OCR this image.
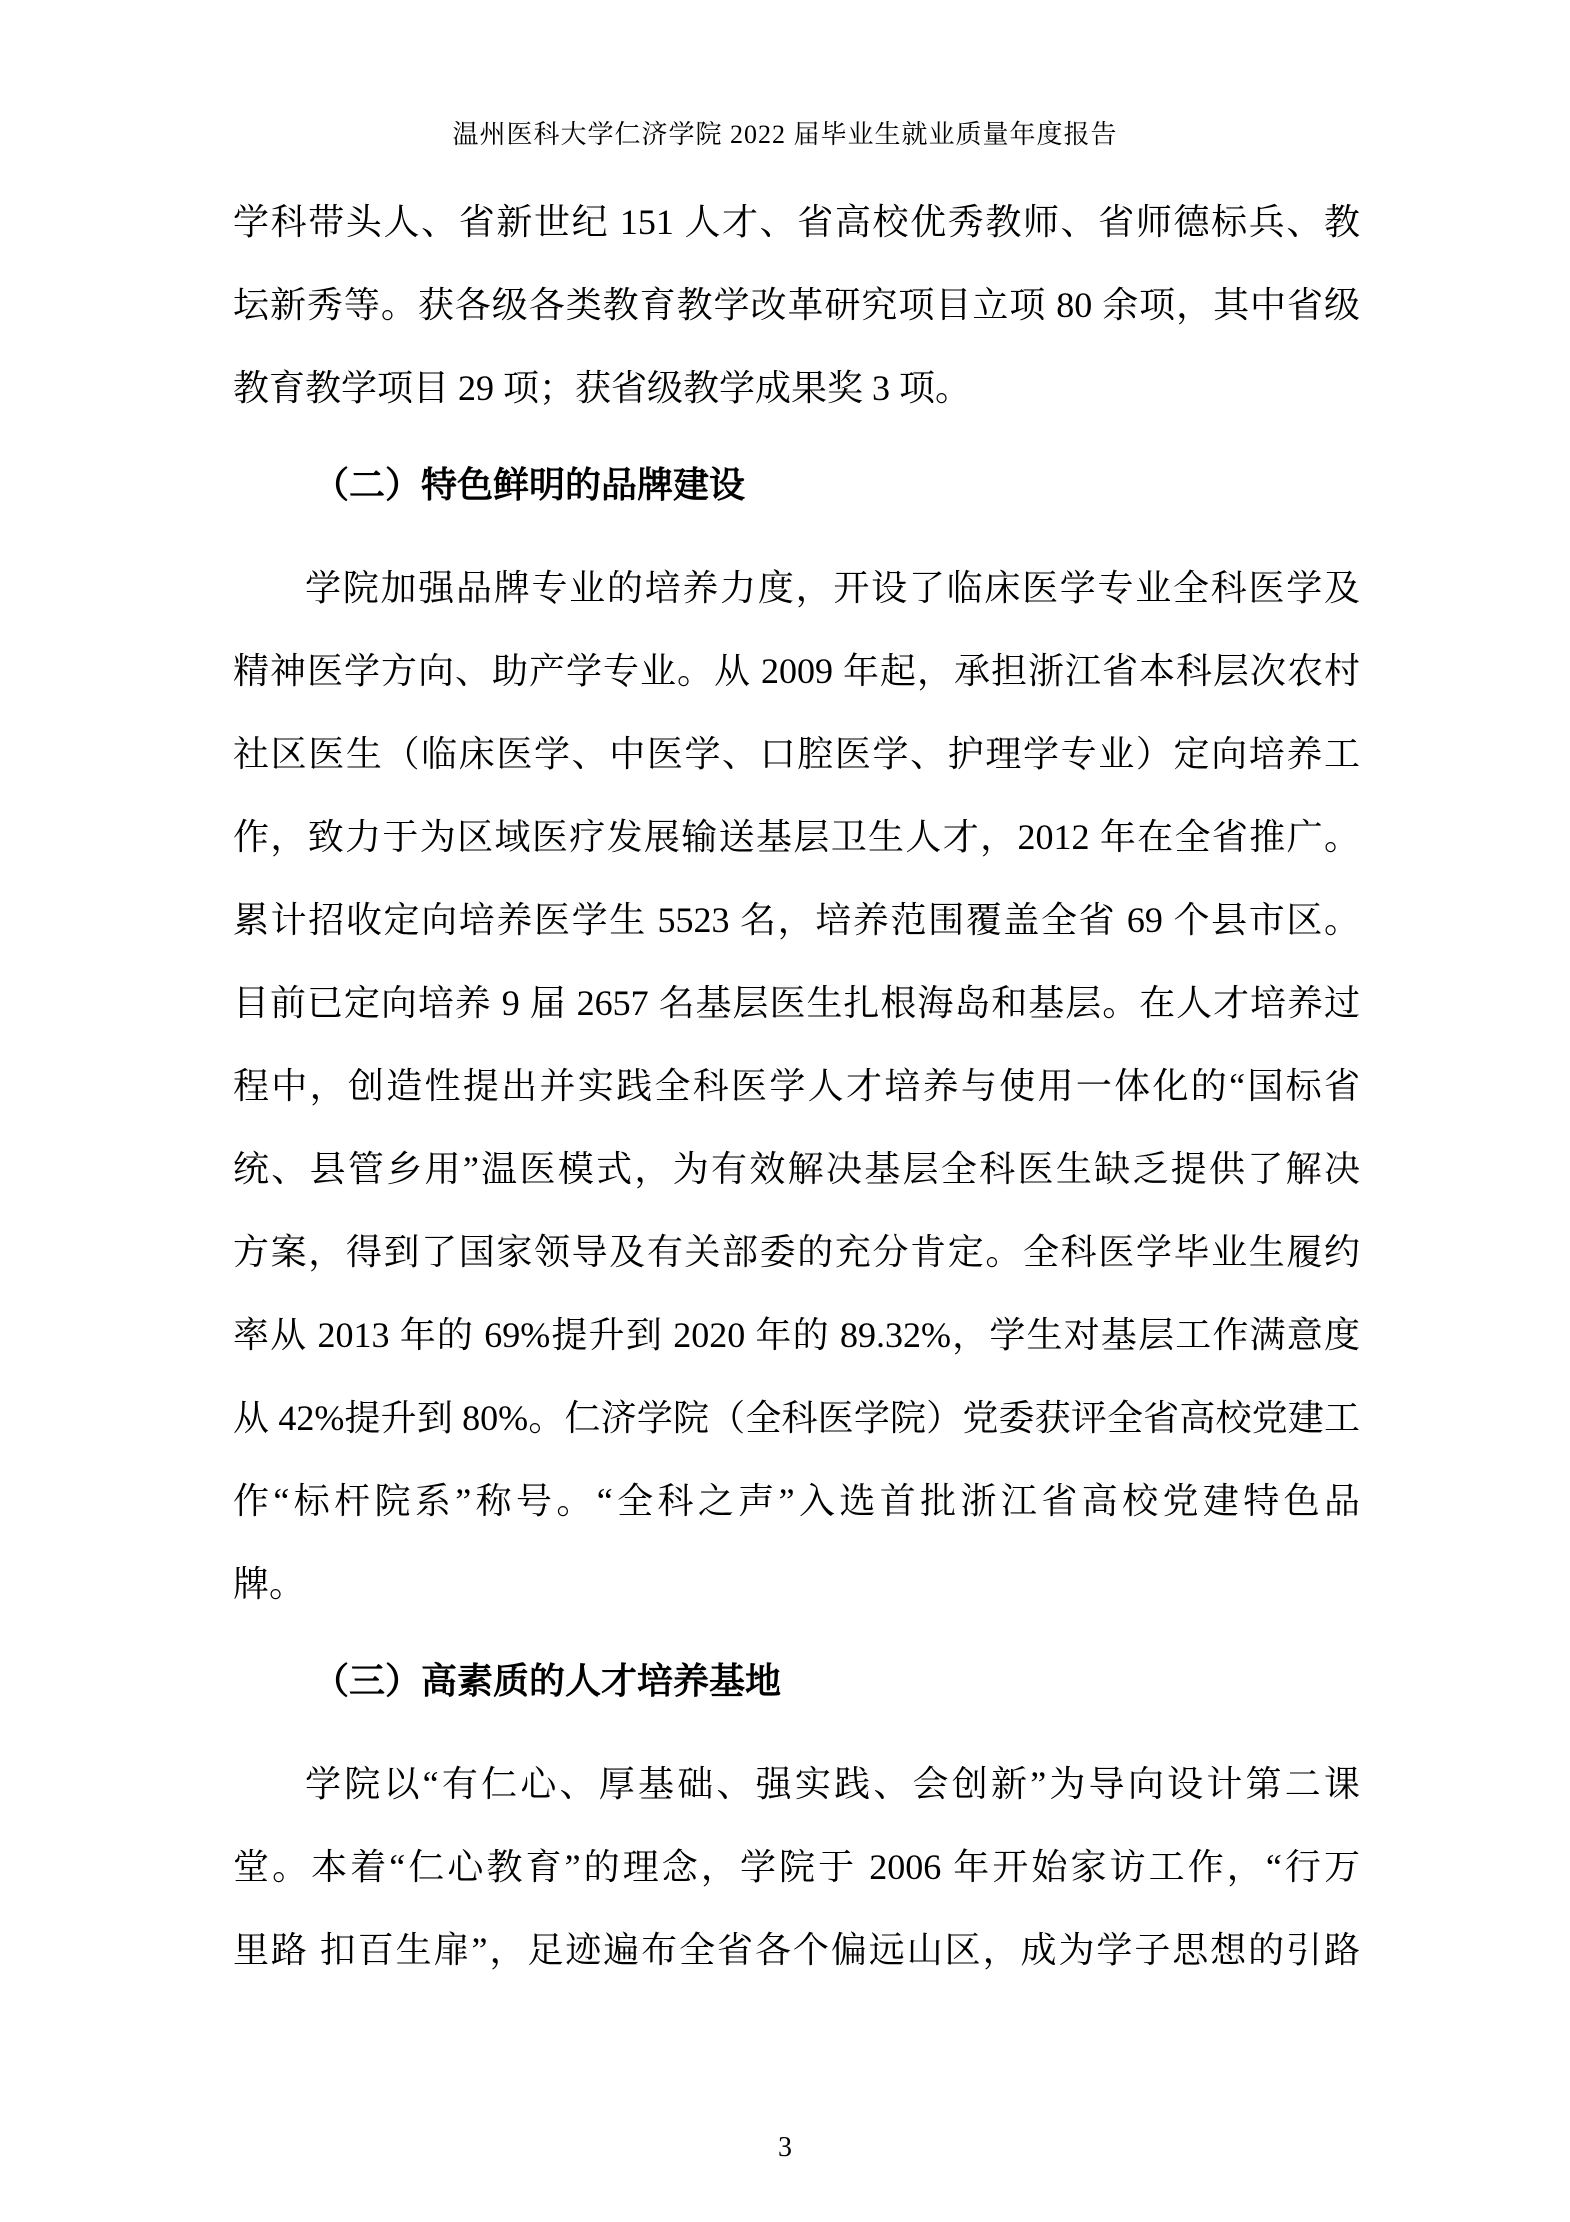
温州医科大学仁济学院 2022 届毕业生就业质量年度报告
学科带头人、省新世纪 151 人才、省高校优秀教师、省师德标兵、教
坛新秀等。获各级各类教育教学改革研究项目立项 80 余项，其中省级
教育教学项目 29 项；获省级教学成果奖 3 项。
（二）特色鲜明的品牌建设
学院加强品牌专业的培养力度，开设了临床医学专业全科医学及
精神医学方向、助产学专业。从 2009 年起，承担浙江省本科层次农村
社区医生（临床医学、中医学、口腔医学、护理学专业）定向培养工
作，致力于为区域医疗发展输送基层卫生人才，2012 年在全省推广。
累计招收定向培养医学生 5523 名，培养范围覆盖全省 69 个县市区。
目前已定向培养 9 届 2657 名基层医生扎根海岛和基层。在人才培养过
程中，创造性提出并实践全科医学人才培养与使用一体化的“国标省
统、县管乡用”温医模式，为有效解决基层全科医生缺乏提供了解决
方案，得到了国家领导及有关部委的充分肯定。全科医学毕业生履约
率从 2013 年的 69%提升到 2020 年的 89.32%，学生对基层工作满意度
从 42%提升到 80%。仁济学院（全科医学院）党委获评全省高校党建工
作“标杆院系”称号。“全科之声”入选首批浙江省高校党建特色品
牌。
（三）高素质的人才培养基地
学院以“有仁心、厚基础、强实践、会创新”为导向设计第二课
堂。本着“仁心教育”的理念，学院于 2006 年开始家访工作，“行万
里路 扣百生扉”，足迹遍布全省各个偏远山区，成为学子思想的引路
3
